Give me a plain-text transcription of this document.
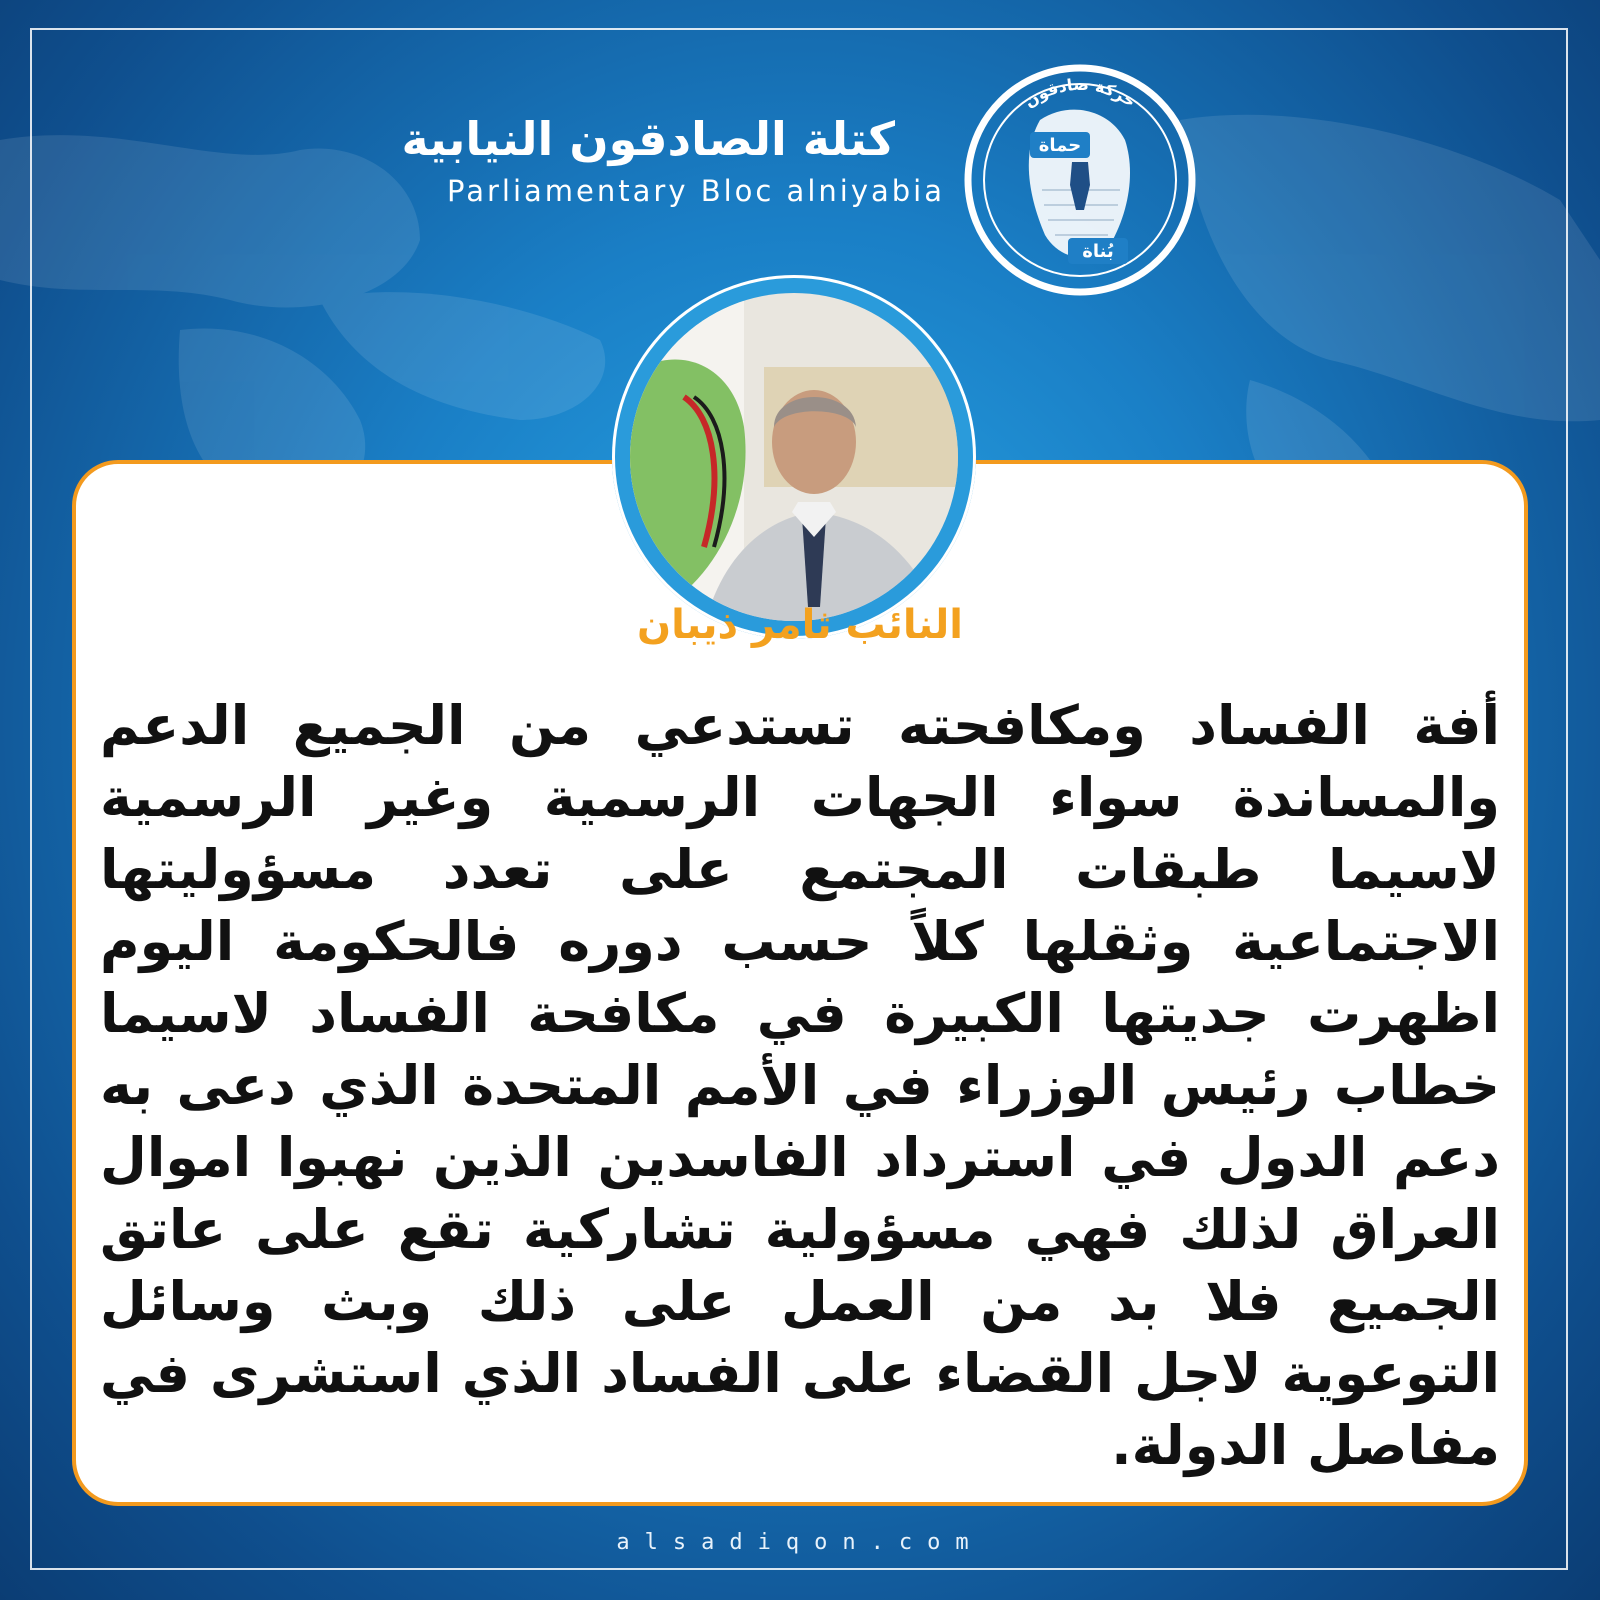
كتلة الصادقون النيابية
Parliamentary Bloc alniyabia
حركة صادقون
حماة
بُناة
النائب ثامر ذيبان

أفة الفساد ومكافحته تستدعي من الجميع الدعم والمساندة سواء الجهات الرسمية وغير الرسمية لاسيما طبقات المجتمع على تعدد مسؤوليتها الاجتماعية وثقلها كلاً حسب دوره فالحكومة اليوم اظهرت جديتها الكبيرة في مكافحة الفساد لاسيما خطاب رئيس الوزراء في الأمم المتحدة الذي دعى به دعم الدول في استرداد الفاسدين الذين نهبوا اموال العراق لذلك فهي مسؤولية تشاركية تقع على عاتق الجميع فلا بد من العمل على ذلك وبث وسائل التوعوية لاجل القضاء على الفساد الذي استشرى في مفاصل الدولة.

alsadiqon.com
